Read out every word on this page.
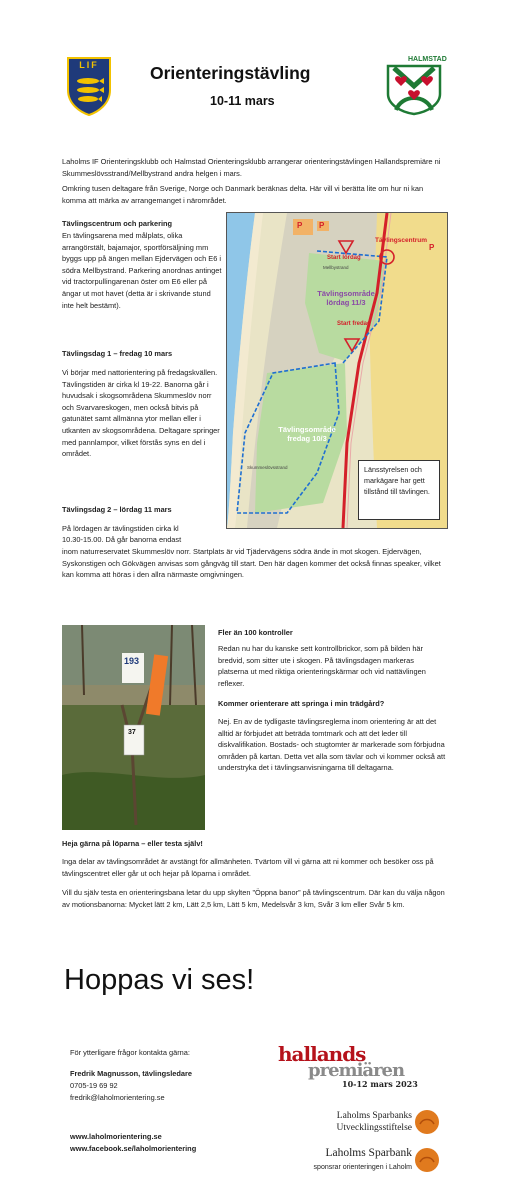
LIF	Orienteringstävling
10-11 mars
HALMSTAD

Laholms IF Orienteringsklubb och Halmstad Orienteringsklubb arrangerar orienteringstävlingen Hallandspremiäre ni Skummeslövsstrand/Mellbystrand andra helgen i mars.

Omkring tusen deltagare från Sverige, Norge och Danmark beräknas delta. Här vill vi berätta lite om hur ni kan komma att märka av arrangemanget i närområdet.

Tävlingscentrum och parkering

En tävlingsarena med målplats, olika arrangörstält, bajamajor, sportförsäljning mm byggs upp på ängen mellan Ejdervägen och E6 i södra Mellbystrand. Parkering anordnas antinget vid tractorpullingarenan öster om E6 eller på ängar ut mot havet (detta är i skrivande stund inte helt bestämt).

Tävlingsdag 1 – fredag 10 mars

Vi börjar med nattorientering på fredagskvällen. Tävlingstiden är cirka kl 19-22. Banorna går i huvudsak i skogsområdena Skummeslöv norr och Svarvareskogen, men också bitvis på gatunätet samt allmänna ytor mellan eller i utkanten av skogsområdena. Deltagare springer med pannlampor, vilket förstås syns en del i området.

Tävlingsdag 2 – lördag 11 mars

På lördagen är tävlingstiden cirka kl

10.30-15.00. Då går banorna endast

inom naturreservatet Skummeslöv norr. Startplats är vid Tjädervägens södra ände in mot skogen. Ejdervägen, Syskonstigen och Gökvägen anvisas som gångväg till start. Den här dagen kommer det också finnas speaker, vilket kan komma att höras i den allra närmaste omgivningen.

Tävlingscentrum
Start lördag
Tävlingsområde lördag 11/3
Start fredag
Tävlingsområde fredag 10/3
Mellbystrand
Skummeslövsstrand
P P
P
Länsstyrelsen och markägare har gett tillstånd till tävlingen.
193
37

Fler än 100 kontroller

Redan nu har du kanske sett kontrollbrickor, som på bilden här bredvid, som sitter ute i skogen. På tävlingsdagen markeras platserna ut med riktiga orienteringskärmar och vid nattävlingen reflexer.

Kommer orienterare att springa i min trädgård?

Nej. En av de tydligaste tävlingsreglerna inom orientering är att det alltid är förbjudet att beträda tomtmark och att det leder till diskvalifikation. Bostads- och stugtomter är markerade som förbjudna områden på kartan. Detta vet alla som tävlar och vi kommer också att understryka det i tävlingsanvisningarna till deltagarna.

Heja gärna på löparna – eller testa själv!

Inga delar av tävlingsområdet är avstängt för allmänheten. Tvärtom vill vi gärna att ni kommer och besöker oss på tävlingscentret eller går ut och hejar på löparna i området.

Vill du själv testa en orienteringsbana letar du upp skylten ”Öppna banor” på tävlingscentrum. Där kan du välja någon av motionsbanorna: Mycket lätt 2 km, Lätt 2,5 km, Lätt 5 km, Medelsvår 3 km, Svår 3 km eller Svår 5 km.

Hoppas vi ses!

För ytterligare frågor kontakta gärna:

Fredrik Magnusson, tävlingsledare

0705-19 69 92

fredrik@laholmorientering.se

www.laholmorientering.se

www.facebook.se/laholmorientering

hallands
premiären
10-12 mars 2023
Laholms Sparbanks
Utvecklingsstiftelse
Laholms Sparbank
sponsrar orienteringen i Laholm
